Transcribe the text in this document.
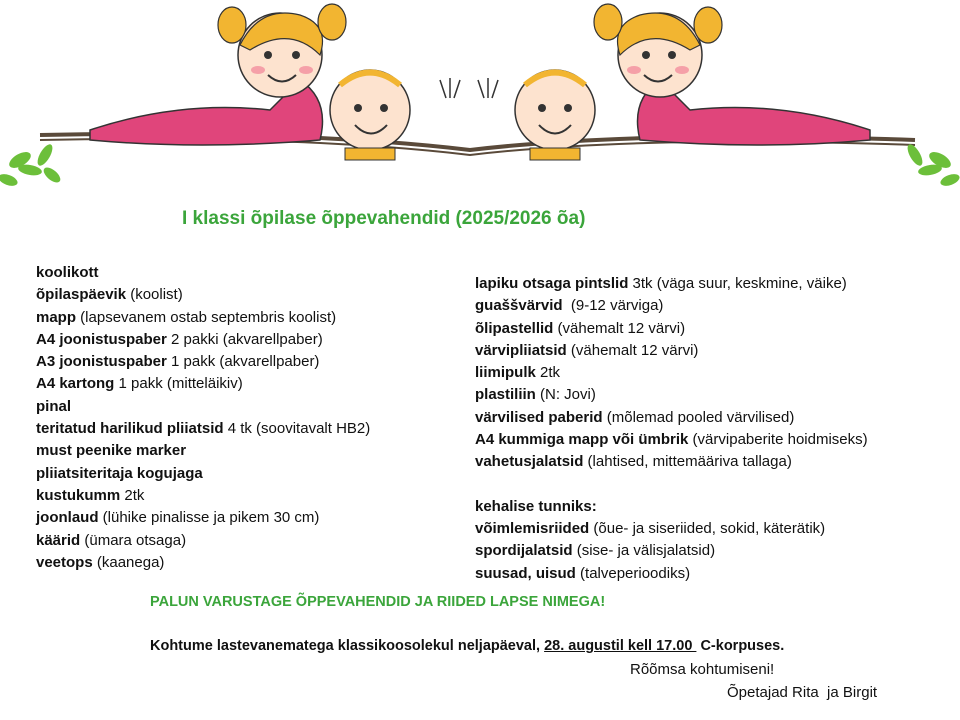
I klassi õpilase õppevahendid (2025/2026 õa)
koolikott
õpilaspäevik (koolist)
mapp (lapsevanem ostab septembris koolist)
A4 joonistuspaber 2 pakki (akvarellpaber)
A3 joonistuspaber 1 pakk (akvarellpaber)
A4 kartong 1 pakk (mitteläikiv)
pinal
teritatud harilikud pliiatsid 4 tk (soovitavalt HB2)
must peenike marker
pliiatsiteritaja kogujaga
kustukumm 2tk
joonlaud (lühike pinalisse ja pikem 30 cm)
käärid (ümara otsaga)
veetops (kaanega)
lapiku otsaga pintslid 3tk (väga suur, keskmine, väike)
guaššvärvid  (9-12 värviga)
õlipastellid (vähemalt 12 värvi)
värvipliiatsid (vähemalt 12 värvi)
liimipulk 2tk
plastiliin (N: Jovi)
värvilised paberid (mõlemad pooled värvilised)
A4 kummiga mapp või ümbrik (värvipaberite hoidmiseks)
vahetusjalatsid (lahtised, mittemääriva tallaga)
kehalise tunniks:
võimlemisriided (õue- ja siseriided, sokid, käterätik)
spordijalatsid (sise- ja välisjalatsid)
suusad, uisud (talveperioodiks)
PALUN VARUSTAGE ÕPPEVAHENDID JA RIIDED LAPSE NIMEGA!
Kohtume lastevanematega klassikoosolekul neljapäeval, 28. augustil kell 17.00  C-korpuses.
Rõõmsa kohtumiseni!
Õpetajad Rita  ja Birgit
